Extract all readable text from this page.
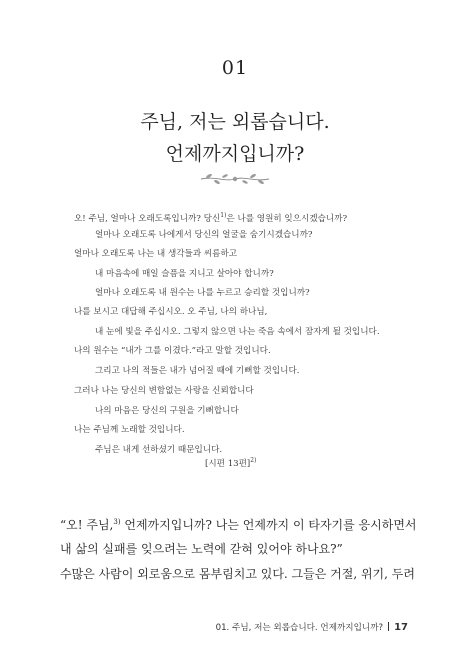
01
주님, 저는 외롭습니다.
언제까지입니까?
오! 주님, 얼마나 오래도록입니까? 당신$^{1)}$은 나를 영원히 잊으시겠습니까?
얼마나 오래도록 나에게서 당신의 얼굴을 숨기시겠습니까?
얼마나 오래도록 나는 내 생각들과 씨름하고
내 마음속에 매일 슬픔을 지니고 살아야 합니까?
얼마나 오래도록 내 원수는 나를 누르고 승리할 것입니까?
나를 보시고 대답해 주십시오. 오 주님, 나의 하나님,
내 눈에 빛을 주십시오. 그렇지 않으면 나는 죽음 속에서 잠자게 될 것입니다.
나의 원수는 “내가 그를 이겼다.”라고 말할 것입니다.
그리고 나의 적들은 내가 넘어질 때에 기뻐할 것입니다.
그러나 나는 당신의 변함없는 사랑을 신뢰합니다
나의 마음은 당신의 구원을 기뻐합니다
나는 주님께 노래할 것입니다.
주님은 내게 선하셨기 때문입니다.
[시편 13편]$^{2)}$
“오! 주님,$^{3)}$ 언제까지입니까? 나는 언제까지 이 타자기를 응시하면서
내 삶의 실패를 잊으려는 노력에 갇혀 있어야 하나요?”
수많은 사람이 외로움으로 몸부림치고 있다. 그들은 거절, 위기, 두려
01. 주님, 저는 외롭습니다. 언제까지입니까? 17
